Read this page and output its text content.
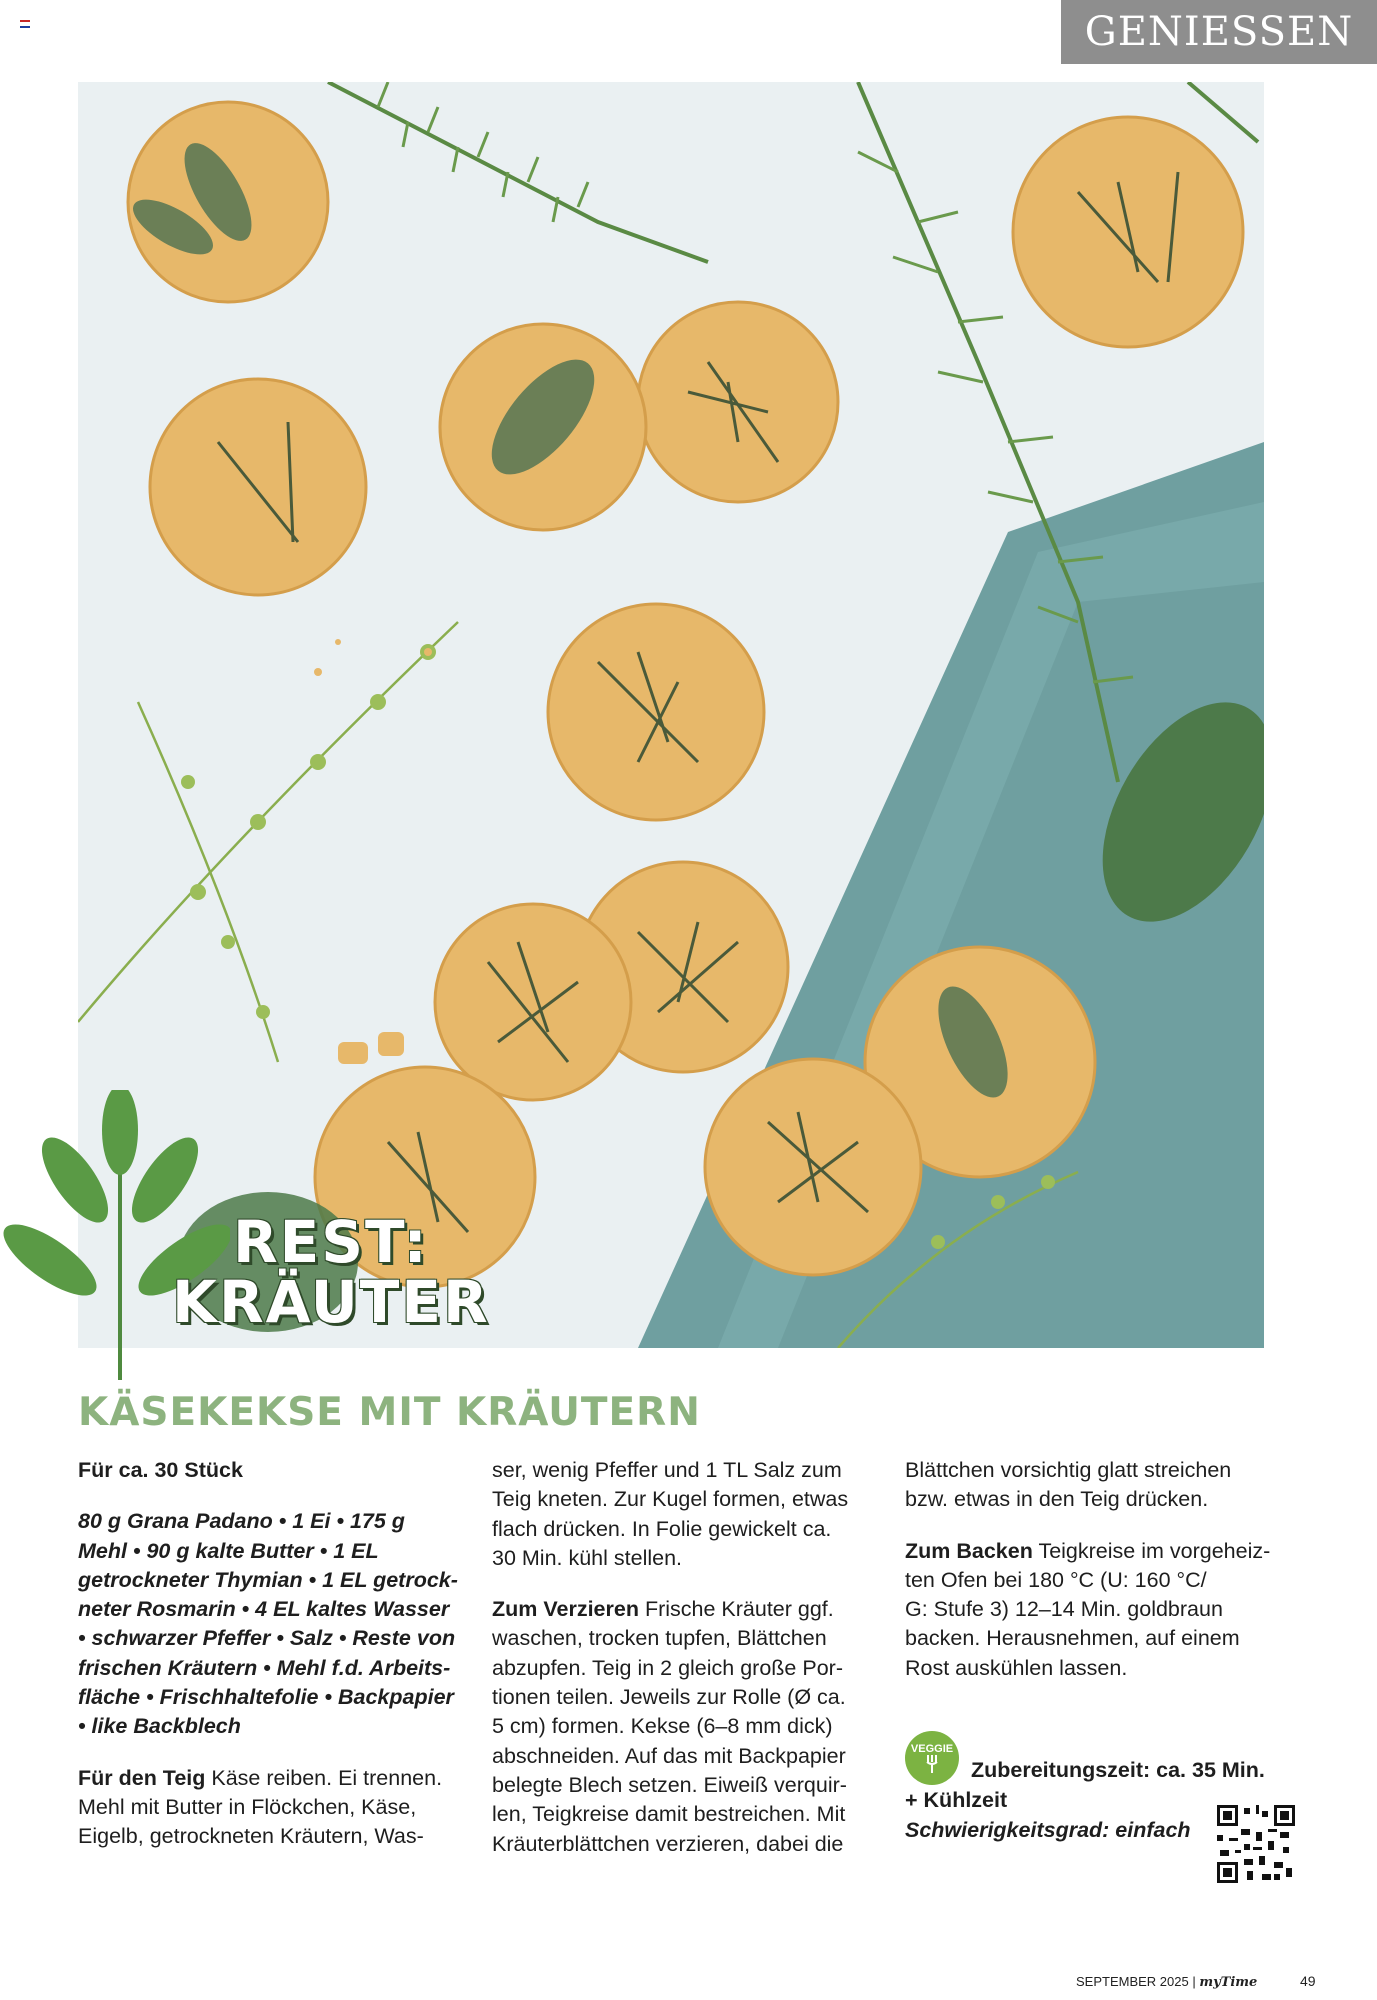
GENIESSEN
REST:
KRÄUTER
KÄSEKEKSE MIT KRÄUTERN

Für ca. 30 Stück

80 g Grana Padano • 1 Ei • 175 g
Mehl • 90 g kalte Butter • 1 EL
getrockneter Thymian • 1 EL getrock-
neter Rosmarin • 4 EL kaltes Wasser
• schwarzer Pfeffer • Salz • Reste von
frischen Kräutern • Mehl f.d. Arbeits-
fläche • Frischhaltefolie • Backpapier
• like Backblech

Für den Teig Käse reiben. Ei trennen.
Mehl mit Butter in Flöckchen, Käse,
Eigelb, getrockneten Kräutern, Was-

ser, wenig Pfeffer und 1 TL Salz zum
Teig kneten. Zur Kugel formen, etwas
flach drücken. In Folie gewickelt ca.
30 Min. kühl stellen.

Zum Verzieren Frische Kräuter ggf.
waschen, trocken tupfen, Blättchen
abzupfen. Teig in 2 gleich große Por-
tionen teilen. Jeweils zur Rolle (Ø ca.
5 cm) formen. Kekse (6–8 mm dick)
abschneiden. Auf das mit Backpapier
belegte Blech setzen. Eiweiß verquir-
len, Teigkreise damit bestreichen. Mit
Kräuterblättchen verzieren, dabei die

Blättchen vorsichtig glatt streichen
bzw. etwas in den Teig drücken.

Zum Backen Teigkreise im vorgeheiz-
ten Ofen bei 180 °C (U: 160 °C/
G: Stufe 3) 12–14 Min. goldbraun
backen. Herausnehmen, auf einem
Rost auskühlen lassen.

VEGGIE
Zubereitungszeit: ca. 35 Min.
+ Kühlzeit
Schwierigkeitsgrad: einfach
SEPTEMBER 2025 | myTime	49
